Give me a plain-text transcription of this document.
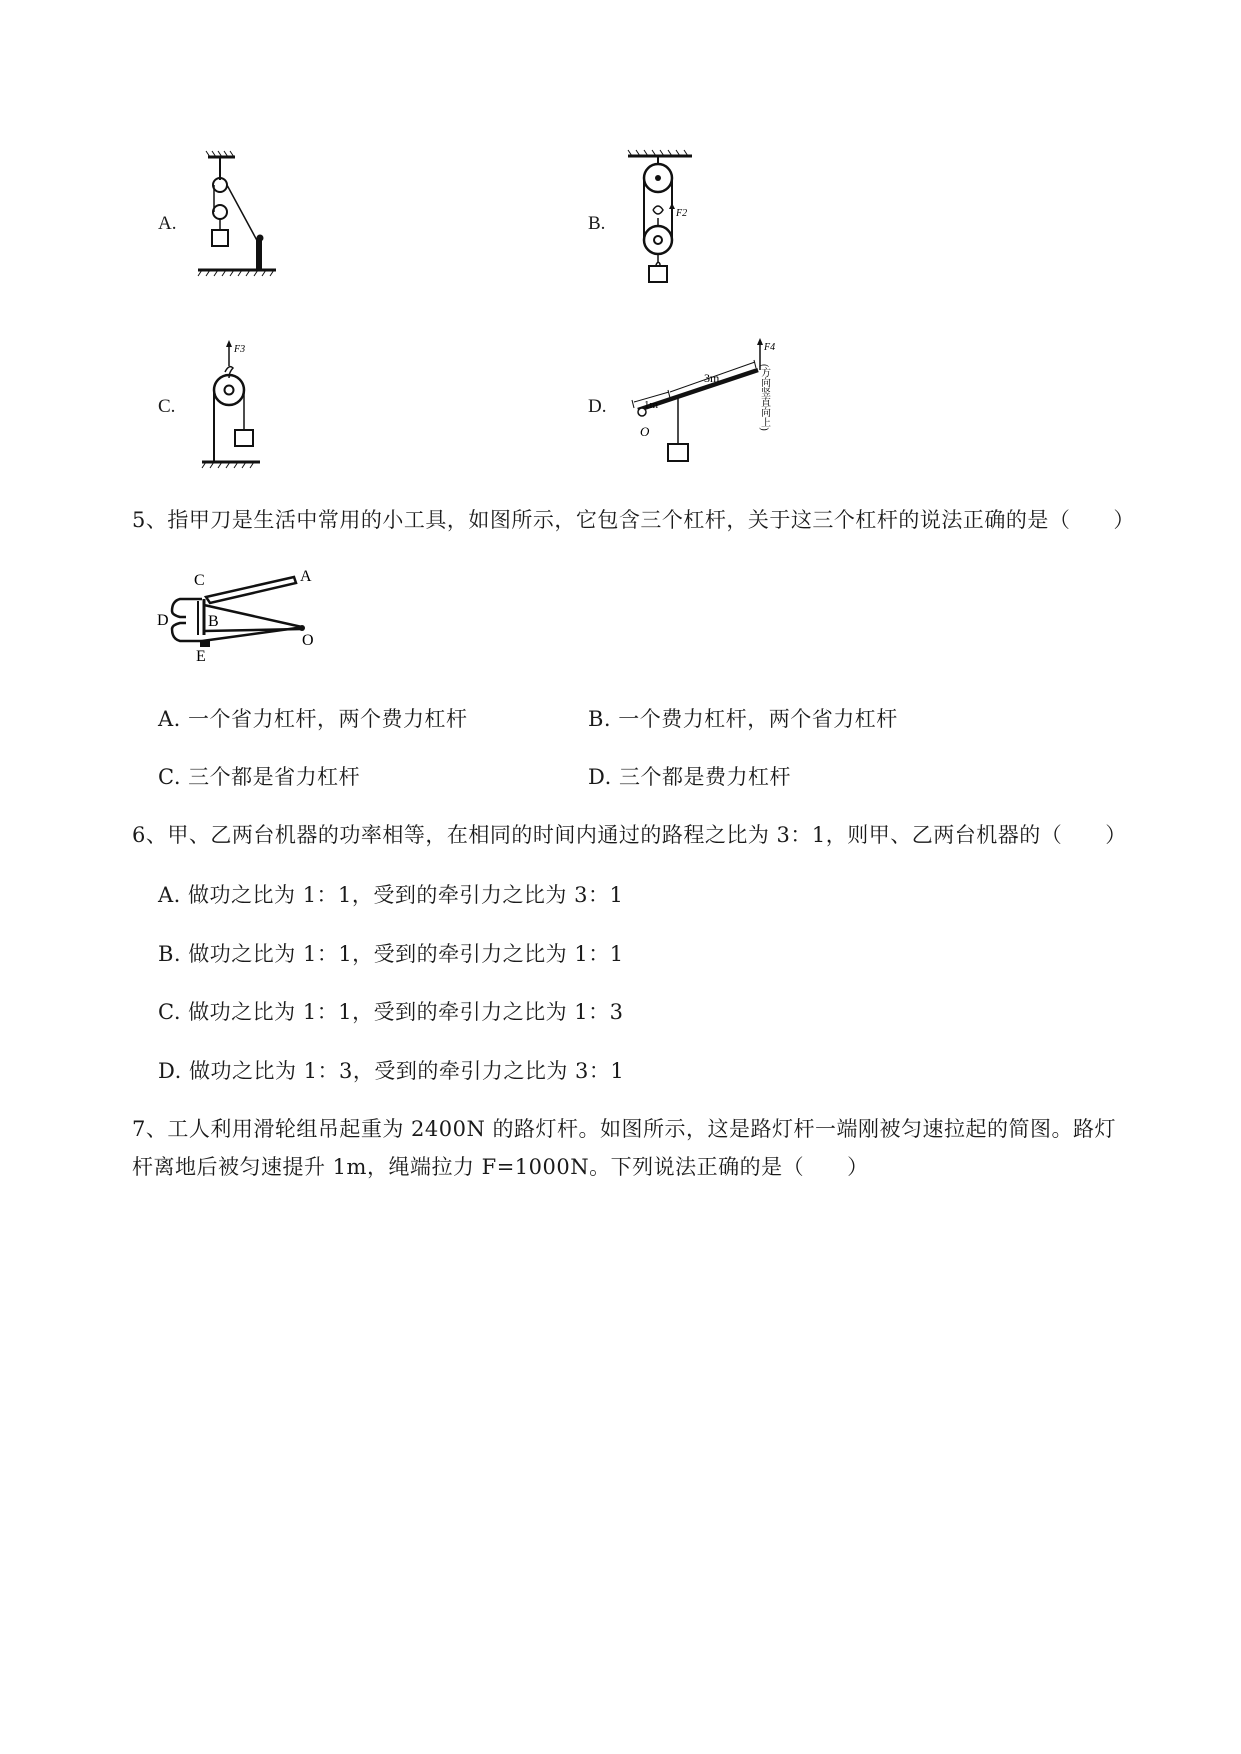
A.	B.
C.	D.
F2
F3
O
1m
3m
F4
(方向竖直向上)
5、指甲刀是生活中常用的小工具，如图所示，它包含三个杠杆，关于这三个杠杆的说法正确的是（　　）
C	A
D B
E
O
A. 一个省力杠杆，两个费力杠杆	B. 一个费力杠杆，两个省力杠杆
C. 三个都是省力杠杆	D. 三个都是费力杠杆
6、甲、乙两台机器的功率相等，在相同的时间内通过的路程之比为 3：1，则甲、乙两台机器的（　　）
A. 做功之比为 1：1，受到的牵引力之比为 3：1
B. 做功之比为 1：1，受到的牵引力之比为 1：1
C. 做功之比为 1：1，受到的牵引力之比为 1：3
D. 做功之比为 1：3，受到的牵引力之比为 3：1
7、工人利用滑轮组吊起重为 2400N 的路灯杆。如图所示，这是路灯杆一端刚被匀速拉起的简图。路灯
杆离地后被匀速提升 1m，绳端拉力 F=1000N。下列说法正确的是（　　）
